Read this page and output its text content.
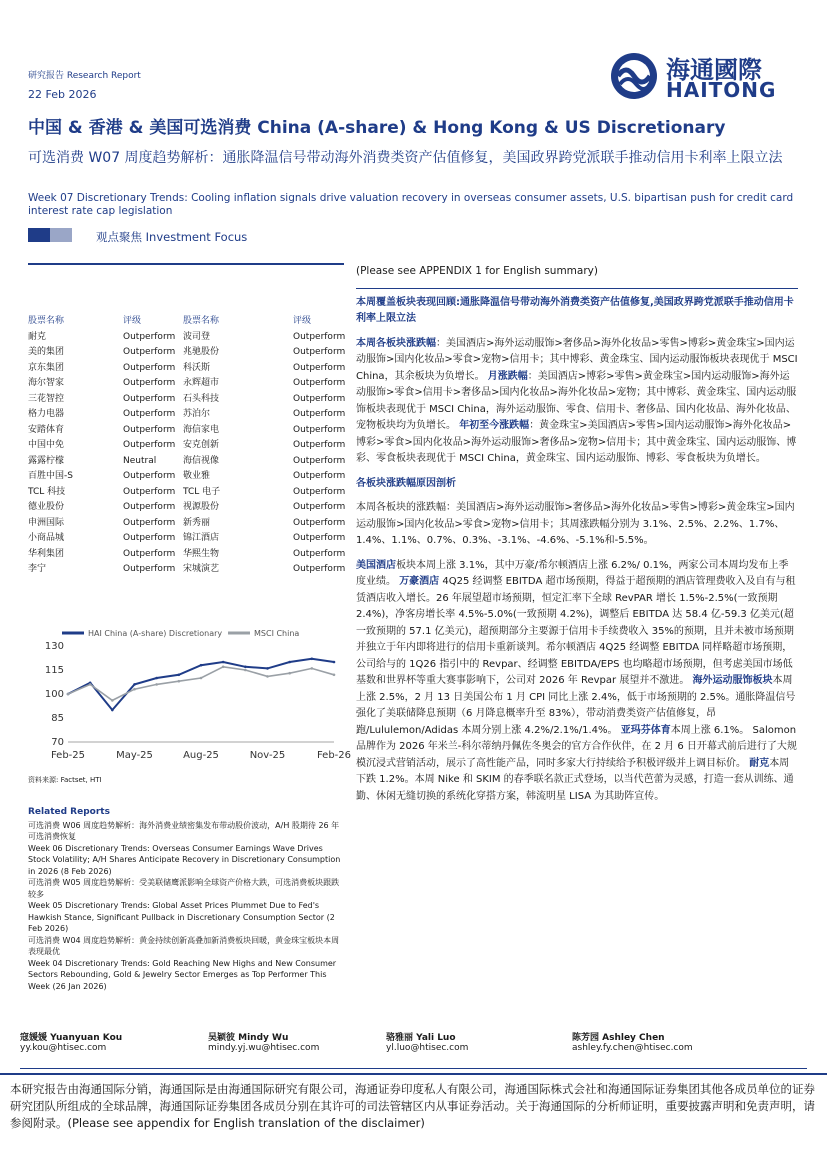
海通國際
HAITONG
研究报告 Research Report
22 Feb 2026
中国 & 香港 & 美国可选消费 China (A-share) & Hong Kong & US Discretionary
可选消费 W07 周度趋势解析：通胀降温信号带动海外消费类资产估值修复，美国政界跨党派联手推动信用卡利率上限立法
Week 07 Discretionary Trends: Cooling inflation signals drive valuation recovery in overseas consumer assets, U.S. bipartisan push for credit card interest rate cap legislation
观点聚焦 Investment Focus
股票名称	评级	股票名称	评级
耐克	Outperform 波司登	Outperform
美的集团	Outperform 兆驰股份	Outperform
京东集团	Outperform 科沃斯	Outperform
海尔智家	Outperform 永辉超市	Outperform
三花智控	Outperform 石头科技	Outperform
格力电器	Outperform 苏泊尔	Outperform
安踏体育	Outperform 海信家电	Outperform
中国中免	Outperform 安克创新	Outperform
露露柠檬	Neutral	海信视像	Outperform
百胜中国-S	Outperform 敬业雅	Outperform
TCL 科技	Outperform TCL 电子	Outperform
德业股份	Outperform 视源股份	Outperform
申洲国际	Outperform 新秀丽	Outperform
小商品城	Outperform 锦江酒店	Outperform
华利集团	Outperform 华熙生物	Outperform
李宁	Outperform 宋城演艺	Outperform
70
85
100
115
130
Feb-25	May-25	Aug-25	Nov-25	Feb-26
HAI China (A-share) Discretionary	MSCI China
资料来源: Factset, HTI
Related Reports
可选消费 W06 周度趋势解析：海外消费业绩密集发布带动股价波动，A/H 股期待 26 年可选消费恢复
Week 06 Discretionary Trends: Overseas Consumer Earnings Wave Drives Stock Volatility; A/H Shares Anticipate Recovery in Discretionary Consumption in 2026 (8 Feb 2026)
可选消费 W05 周度趋势解析：受美联储鹰派影响全球资产价格大跌，可选消费板块跟跌较多
Week 05 Discretionary Trends: Global Asset Prices Plummet Due to Fed's Hawkish Stance, Significant Pullback in Discretionary Consumption Sector (2 Feb 2026)
可选消费 W04 周度趋势解析：黄金持续创新高叠加新消费板块回暖，黄金珠宝板块本周表现最优
Week 04 Discretionary Trends: Gold Reaching New Highs and New Consumer Sectors Rebounding, Gold & Jewelry Sector Emerges as Top Performer This Week (26 Jan 2026)
(Please see APPENDIX 1 for English summary)
本周覆盖板块表现回顾:通胀降温信号带动海外消费类资产估值修复,美国政界跨党派联手推动信用卡利率上限立法
本周各板块涨跌幅：美国酒店>海外运动服饰>奢侈品>海外化妆品>零售>博彩>黄金珠宝>国内运动服饰>国内化妆品>零食>宠物>信用卡；其中博彩、黄金珠宝、国内运动服饰板块表现优于 MSCI China，其余板块为负增长。 月涨跌幅：美国酒店>博彩>零售>黄金珠宝>国内运动服饰>海外运动服饰>零食>信用卡>奢侈品>国内化妆品>海外化妆品>宠物；其中博彩、黄金珠宝、国内运动服饰板块表现优于 MSCI China，海外运动服饰、零食、信用卡、奢侈品、国内化妆品、海外化妆品、宠物板块均为负增长。 年初至今涨跌幅：黄金珠宝>美国酒店>零售>国内运动服饰>海外化妆品>博彩>零食>国内化妆品>海外运动服饰>奢侈品>宠物>信用卡；其中黄金珠宝、国内运动服饰、博彩、零食板块表现优于 MSCI China，黄金珠宝、国内运动服饰、博彩、零食板块为负增长。
各板块涨跌幅原因剖析
本周各板块的涨跌幅：美国酒店>海外运动服饰>奢侈品>海外化妆品>零售>博彩>黄金珠宝>国内运动服饰>国内化妆品>零食>宠物>信用卡；其周涨跌幅分别为 3.1%、2.5%、2.2%、1.7%、1.4%、1.1%、0.7%、0.3%、-3.1%、-4.6%、-5.1%和-5.5%。
美国酒店板块本周上涨 3.1%，其中万豪/希尔顿酒店上涨 6.2%/ 0.1%，两家公司本周均发布上季度业绩。 万豪酒店 4Q25 经调整 EBITDA 超市场预期，得益于超预期的酒店管理费收入及自有与租赁酒店收入增长。26 年展望超市场预期，恒定汇率下全球 RevPAR 增长 1.5%-2.5%(一致预期 2.4%)，净客房增长率 4.5%-5.0%(一致预期 4.2%)，调整后 EBITDA 达 58.4 亿-59.3 亿美元(超一致预期的 57.1 亿美元)，超预期部分主要源于信用卡手续费收入 35%的预期，且并未被市场预期并独立于年内即将进行的信用卡重新谈判。希尔顿酒店 4Q25 经调整 EBITDA 同样略超市场预期，公司给与的 1Q26 指引中的 Revpar、经调整 EBITDA/EPS 也均略超市场预期，但考虑美国市场低基数和世界杯等重大赛事影响下，公司对 2026 年 Revpar 展望并不激进。 海外运动服饰板块本周上涨 2.5%，2 月 13 日美国公布 1 月 CPI 同比上涨 2.4%，低于市场预期的 2.5%。通胀降温信号强化了美联储降息预期（6 月降息概率升至 83%），带动消费类资产估值修复，昂跑/Lululemon/Adidas 本周分别上涨 4.2%/2.1%/1.4%。 亚玛芬体育本周上涨 6.1%。 Salomon 品牌作为 2026 年米兰-科尔蒂纳丹佩佐冬奥会的官方合作伙伴，在 2 月 6 日开幕式前后进行了大规模沉浸式营销活动，展示了高性能产品，同时多家大行持续给予积极评级并上调目标价。 耐克本周下跌 1.2%。本周 Nike 和 SKIM 的春季联名款正式登场，以当代芭蕾为灵感，打造一套从训练、通勤、休闲无缝切换的系统化穿搭方案，韩流明星 LISA 为其助阵宣传。
寇媛媛 Yuanyuan Kou
yy.kou@htisec.com
吴颖彼 Mindy Wu
mindy.yj.wu@htisec.com
骆雅丽 Yali Luo
yl.luo@htisec.com
陈芳园 Ashley Chen
ashley.fy.chen@htisec.com
本研究报告由海通国际分销，海通国际是由海通国际研究有限公司，海通证券印度私人有限公司，海通国际株式会社和海通国际证券集团其他各成员单位的证券研究团队所组成的全球品牌，海通国际证券集团各成员分别在其许可的司法管辖区内从事证券活动。关于海通国际的分析师证明，重要披露声明和免责声明，请参阅附录。(Please see appendix for English translation of the disclaimer)
